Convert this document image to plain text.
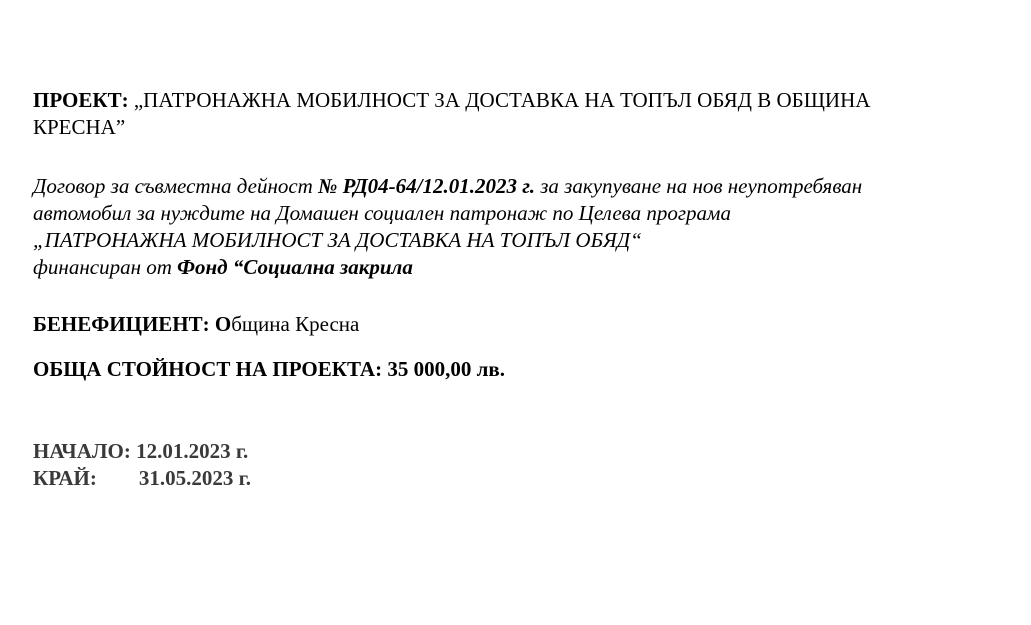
ПРОЕКТ: „ПАТРОНАЖНА МОБИЛНОСТ ЗА ДОСТАВКА НА ТОПЪЛ ОБЯД В ОБЩИНА
КРЕСНА”
Договор за съвместна дейност № РД04-64/12.01.2023 г. за закупуване на нов неупотребяван
автомобил за нуждите на Домашен социален патронаж по Целева програма
„ПАТРОНАЖНА МОБИЛНОСТ ЗА ДОСТАВКА НА ТОПЪЛ ОБЯД“
финансиран от Фонд “Социална закрила
БЕНЕФИЦИЕНТ: Община Кресна
ОБЩА СТОЙНОСТ НА ПРОЕКТА: 35 000,00 лв.
НАЧАЛО: 12.01.2023 г.
КРАЙ: 31.05.2023 г.
